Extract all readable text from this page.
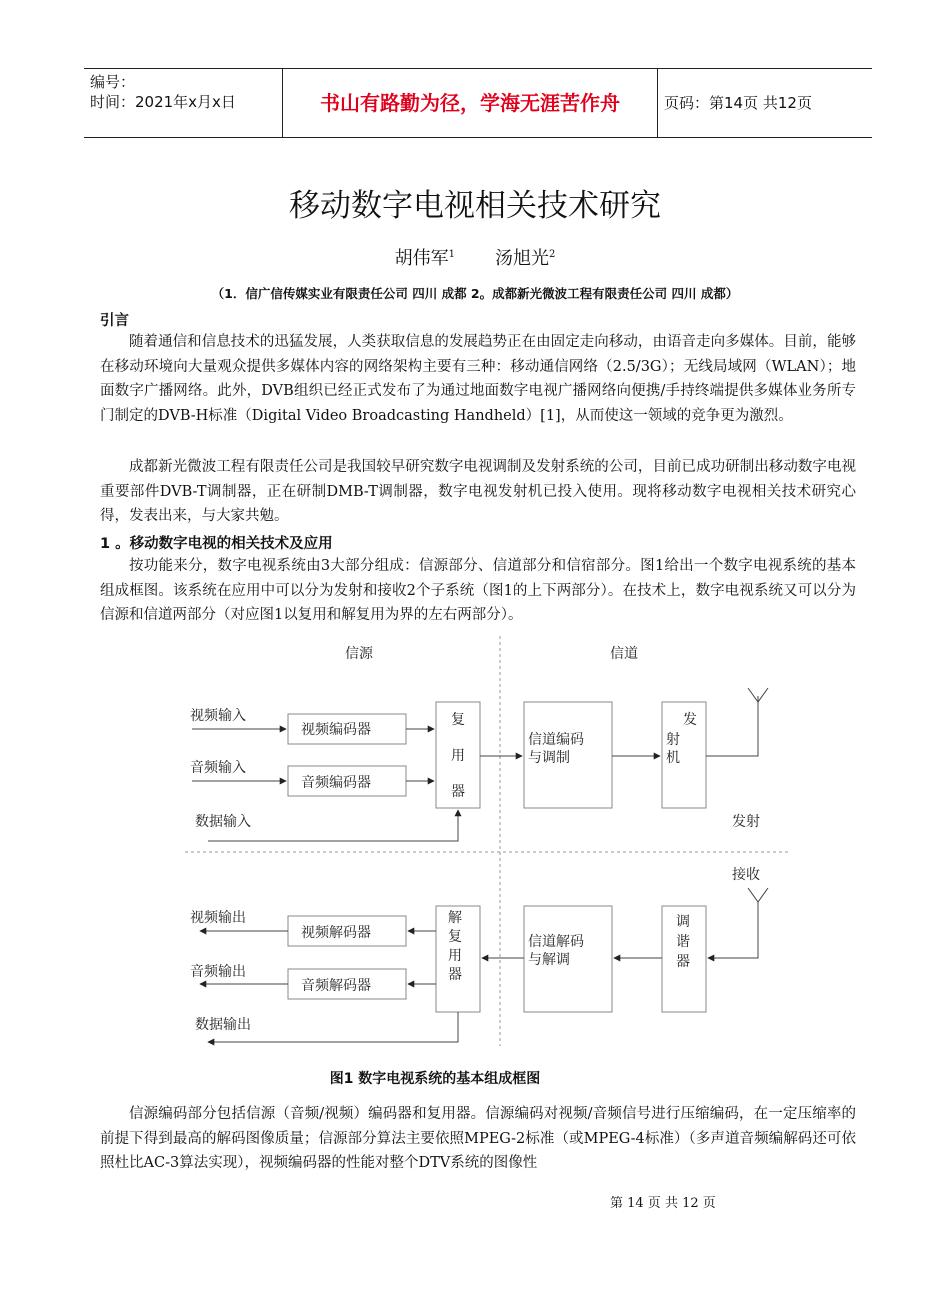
编号：
时间：2021年x月x日	书山有路勤为径，学海无涯苦作舟	页码：第14页 共12页
移动数字电视相关技术研究
胡伟军$^1$ 汤旭光$^2$
（1．信广信传媒实业有限责任公司 四川 成都 2。成都新光微波工程有限责任公司 四川 成都）
引言
随着通信和信息技术的迅猛发展，人类获取信息的发展趋势正在由固定走向移动，由语音走向多媒体。目前，能够在移动环境向大量观众提供多媒体内容的网络架构主要有三种：移动通信网络（2.5/3G）；无线局域网（WLAN）；地面数字广播网络。此外，DVB组织已经正式发布了为通过地面数字电视广播网络向便携/手持终端提供多媒体业务所专门制定的DVB-H标准（Digital Video Broadcasting Handheld）[1]，从而使这一领域的竞争更为激烈。
成都新光微波工程有限责任公司是我国较早研究数字电视调制及发射系统的公司，目前已成功研制出移动数字电视重要部件DVB-T调制器，正在研制DMB-T调制器，数字电视发射机已投入使用。现将移动数字电视相关技术研究心得，发表出来，与大家共勉。
1 。移动数字电视的相关技术及应用
按功能来分，数字电视系统由3大部分组成：信源部分、信道部分和信宿部分。图1给出一个数字电视系统的基本组成框图。该系统在应用中可以分为发射和接收2个子系统（图1的上下两部分）。在技术上，数字电视系统又可以分为信源和信道两部分（对应图1以复用和解复用为界的左右两部分）。
信源	信道
视频输入
音频输入
数据输入
视频编码器
音频编码器
复
用
器
信道编码
与调制
发
射
机
发射
接收
视频输出
音频输出
数据输出
视频解码器
音频解码器
解
复
用
器
信道解码
与解调
调
谐
器
图1 数字电视系统的基本组成框图
信源编码部分包括信源（音频/视频）编码器和复用器。信源编码对视频/音频信号进行压缩编码，在一定压缩率的前提下得到最高的解码图像质量；信源部分算法主要依照MPEG-2标准（或MPEG-4标准）（多声道音频编解码还可依照杜比AC-3算法实现），视频编码器的性能对整个DTV系统的图像性
第 14 页 共 12 页
